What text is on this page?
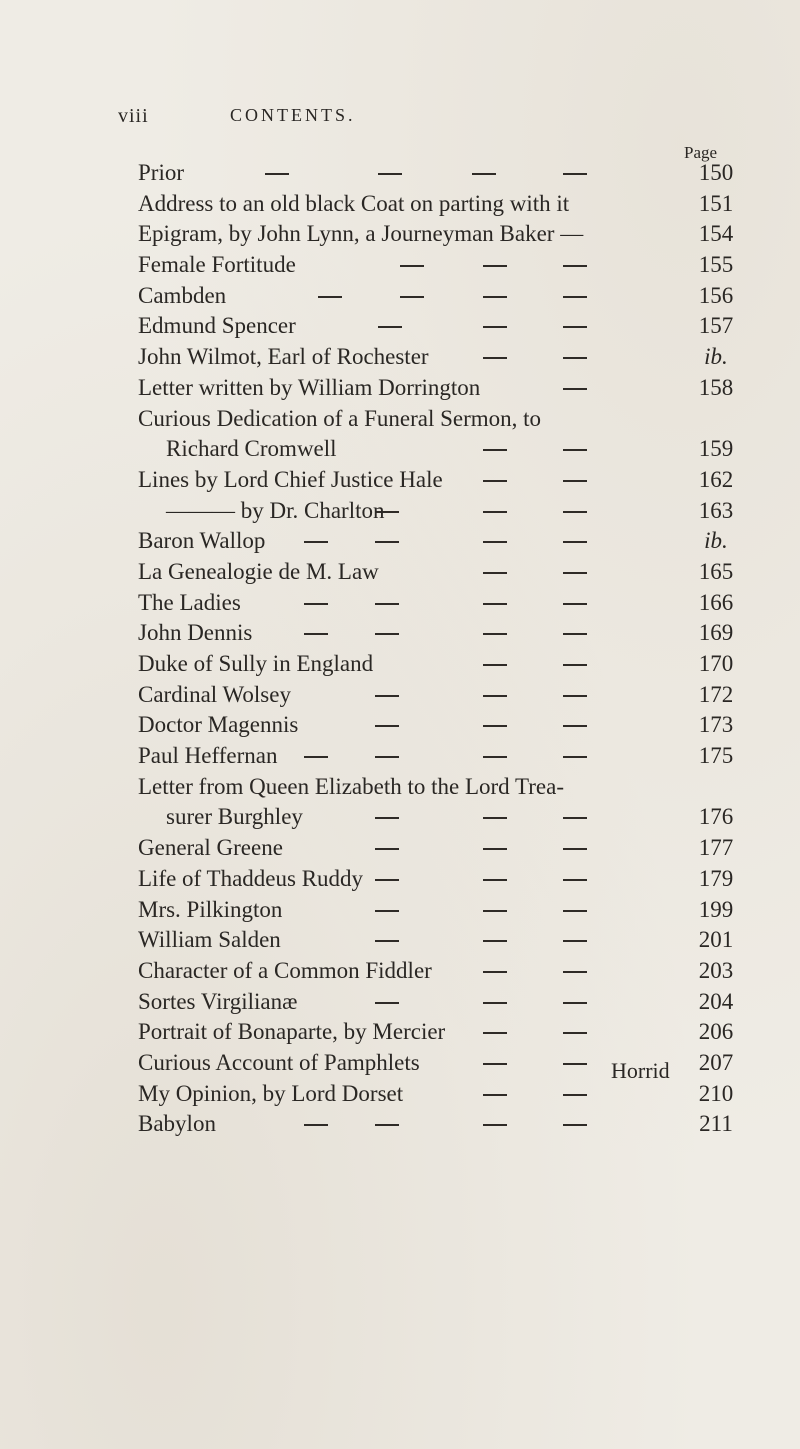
viii	CONTENTS.
Page
Prior	150
Address to an old black Coat on parting with it	151
Epigram, by John Lynn, a Journeyman Baker —	154
Female Fortitude	155
Cambden	156
Edmund Spencer	157
John Wilmot, Earl of Rochester	ib.
Letter written by William Dorrington	158
Curious Dedication of a Funeral Sermon, to
Richard Cromwell	159
Lines by Lord Chief Justice Hale	162
——— by Dr. Charlton	163
Baron Wallop	ib.
La Genealogie de M. Law	165
The Ladies	166
John Dennis	169
Duke of Sully in England	170
Cardinal Wolsey	172
Doctor Magennis	173
Paul Heffernan	175
Letter from Queen Elizabeth to the Lord Trea-
surer Burghley	176
General Greene	177
Life of Thaddeus Ruddy	179
Mrs. Pilkington	199
William Salden	201
Character of a Common Fiddler	203
Sortes Virgilianæ	204
Portrait of Bonaparte, by Mercier	206
Curious Account of Pamphlets	207
My Opinion, by Lord Dorset	210
Babylon	211
Horrid
